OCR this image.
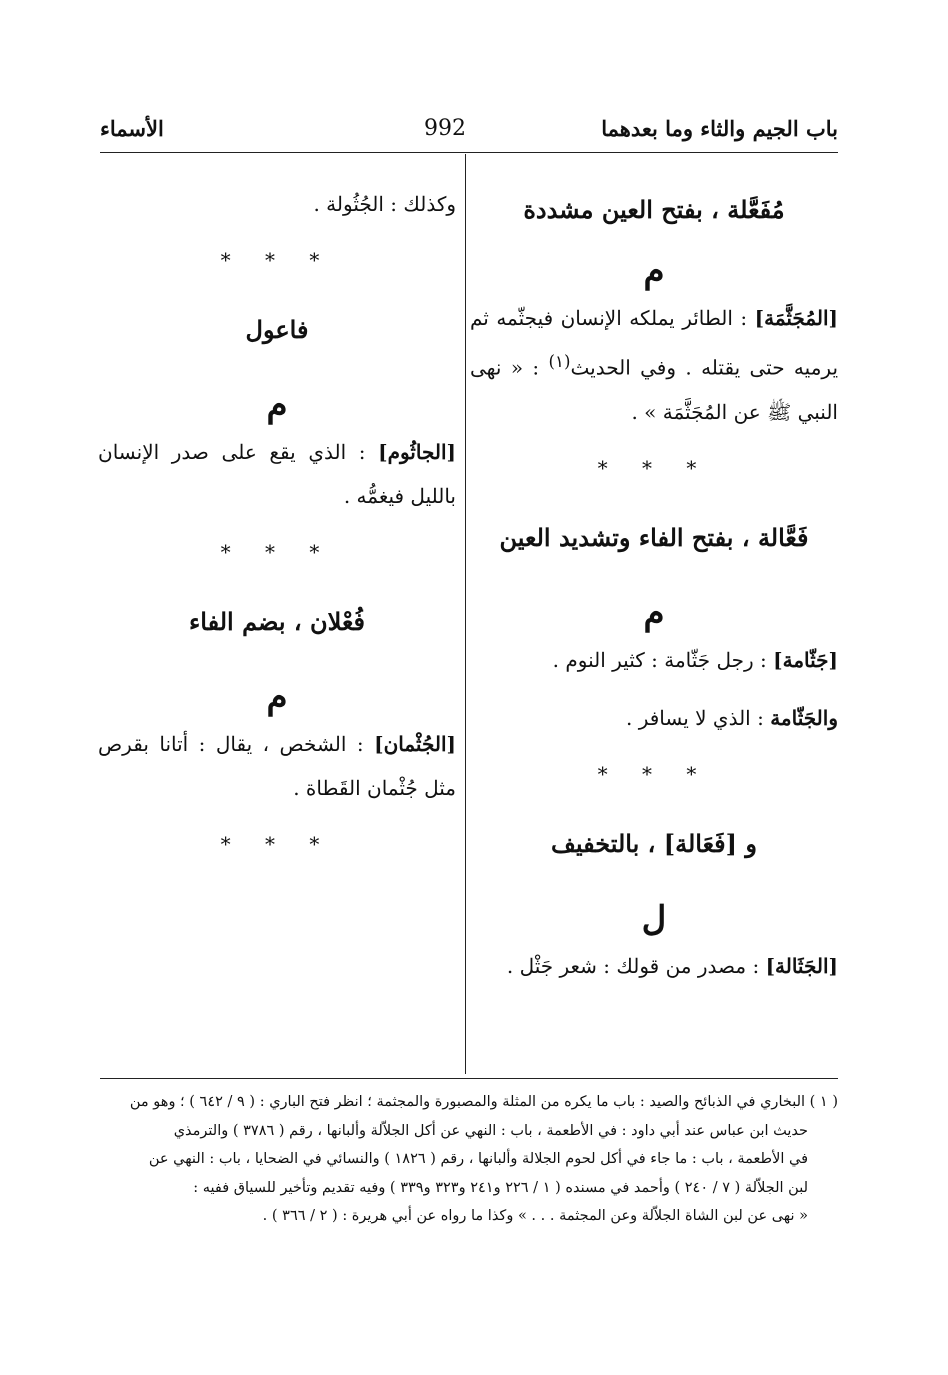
باب الجيم والثاء وما بعدهما
992
الأسماء

مُفَعَّلة ، بفتح العين مشددة

م

[المُجَثَّمَة] : الطائر يملكه الإنسان فيجثّمه ثم يرميه حتى يقتله . وفي الحديث$^{(١)}$ : « نهى النبي ﷺ عن المُجَثَّمَة » .

* * *

فَعَّالة ، بفتح الفاء وتشديد العين

م

[جَثّامة] : رجل جَثّامة : كثير النوم .

والجَثّامة : الذي لا يسافر .

* * *

و [فَعَالة] ، بالتخفيف

ل

[الجَثَالة] : مصدر من قولك : شعر جَثْل .

وكذلك : الجُثُولة .

* * *

فاعول

م

[الجاثُوم] : الذي يقع على صدر الإنسان بالليل فيغمُّه .

* * *

فُعْلان ، بضم الفاء

م

[الجُثْمان] : الشخص ، يقال : أتانا بقرص مثل جُثْمان القَطاة .

* * *

( ١ ) البخاري في الذبائح والصيد : باب ما يكره من المثلة والمصبورة والمجثمة ؛ انظر فتح الباري : ( ٩ / ٦٤٢ ) ؛ وهو من

حديث ابن عباس عند أبي داود : في الأطعمة ، باب : النهي عن أكل الجلاّلة وألبانها ، رقم ( ٣٧٨٦ ) والترمذي

في الأطعمة ، باب : ما جاء في أكل لحوم الجلالة وألبانها ، رقم ( ١٨٢٦ ) والنسائي في الضحايا ، باب : النهي عن

لبن الجلاّلة ( ٧ / ٢٤٠ ) وأحمد في مسنده ( ١ / ٢٢٦ و٢٤١ و٣٢٣ و٣٣٩ ) وفيه تقديم وتأخير للسياق ففيه :

« نهى عن لبن الشاة الجلاّلة وعن المجثمة . . . » وكذا ما رواه عن أبي هريرة : ( ٢ / ٣٦٦ ) .
